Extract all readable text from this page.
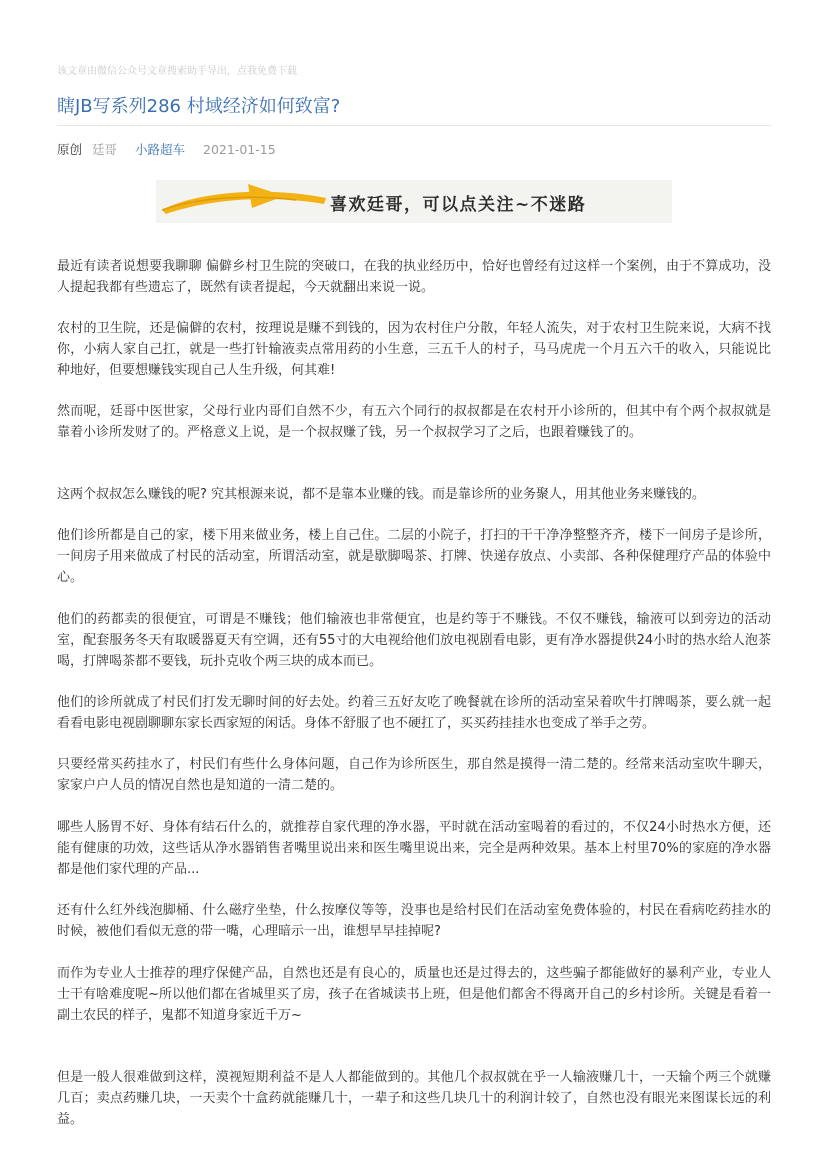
该文章由微信公众号文章搜索助手导出，点我免费下载
瞎JB写系列286 村域经济如何致富?
原创 廷哥 小路超车 2021-01-15
喜欢廷哥，可以点关注~不迷路

最近有读者说想要我聊聊 偏僻乡村卫生院的突破口，在我的执业经历中，恰好也曾经有过这样一个案例，由于不算成功，没人提起我都有些遗忘了，既然有读者提起，今天就翻出来说一说。

农村的卫生院，还是偏僻的农村，按理说是赚不到钱的，因为农村住户分散，年轻人流失，对于农村卫生院来说，大病不找你，小病人家自己扛，就是一些打针输液卖点常用药的小生意，三五千人的村子，马马虎虎一个月五六千的收入，只能说比种地好，但要想赚钱实现自己人生升级，何其难!

然而呢，廷哥中医世家，父母行业内哥们自然不少，有五六个同行的叔叔都是在农村开小诊所的，但其中有个两个叔叔就是靠着小诊所发财了的。严格意义上说，是一个叔叔赚了钱，另一个叔叔学习了之后，也跟着赚钱了的。

这两个叔叔怎么赚钱的呢? 究其根源来说，都不是靠本业赚的钱。而是靠诊所的业务聚人，用其他业务来赚钱的。

他们诊所都是自己的家，楼下用来做业务，楼上自己住。二层的小院子，打扫的干干净净整整齐齐，楼下一间房子是诊所，一间房子用来做成了村民的活动室，所谓活动室，就是歇脚喝茶、打牌、快递存放点、小卖部、各种保健理疗产品的体验中心。

他们的药都卖的很便宜，可谓是不赚钱；他们输液也非常便宜，也是约等于不赚钱。不仅不赚钱，输液可以到旁边的活动室，配套服务冬天有取暖器夏天有空调，还有55寸的大电视给他们放电视剧看电影，更有净水器提供24小时的热水给人泡茶喝，打牌喝茶都不要钱，玩扑克收个两三块的成本而已。

他们的诊所就成了村民们打发无聊时间的好去处。约着三五好友吃了晚餐就在诊所的活动室呆着吹牛打牌喝茶，要么就一起看看电影电视剧聊聊东家长西家短的闲话。身体不舒服了也不硬扛了，买买药挂挂水也变成了举手之劳。

只要经常买药挂水了，村民们有些什么身体问题，自己作为诊所医生，那自然是摸得一清二楚的。经常来活动室吹牛聊天，家家户户人员的情况自然也是知道的一清二楚的。

哪些人肠胃不好、身体有结石什么的，就推荐自家代理的净水器，平时就在活动室喝着的看过的，不仅24小时热水方便，还能有健康的功效，这些话从净水器销售者嘴里说出来和医生嘴里说出来，完全是两种效果。基本上村里70%的家庭的净水器都是他们家代理的产品...

还有什么红外线泡脚桶、什么磁疗坐垫，什么按摩仪等等，没事也是给村民们在活动室免费体验的，村民在看病吃药挂水的时候，被他们看似无意的带一嘴，心理暗示一出，谁想早早挂掉呢?

而作为专业人士推荐的理疗保健产品，自然也还是有良心的，质量也还是过得去的，这些骗子都能做好的暴利产业，专业人士干有啥难度呢~所以他们都在省城里买了房，孩子在省城读书上班，但是他们都舍不得离开自己的乡村诊所。关键是看着一副土农民的样子，鬼都不知道身家近千万~

但是一般人很难做到这样，漠视短期利益不是人人都能做到的。其他几个叔叔就在乎一人输液赚几十，一天输个两三个就赚几百；卖点药赚几块，一天卖个十盒药就能赚几十，一辈子和这些几块几十的利润计较了，自然也没有眼光来图谋长远的利益。
